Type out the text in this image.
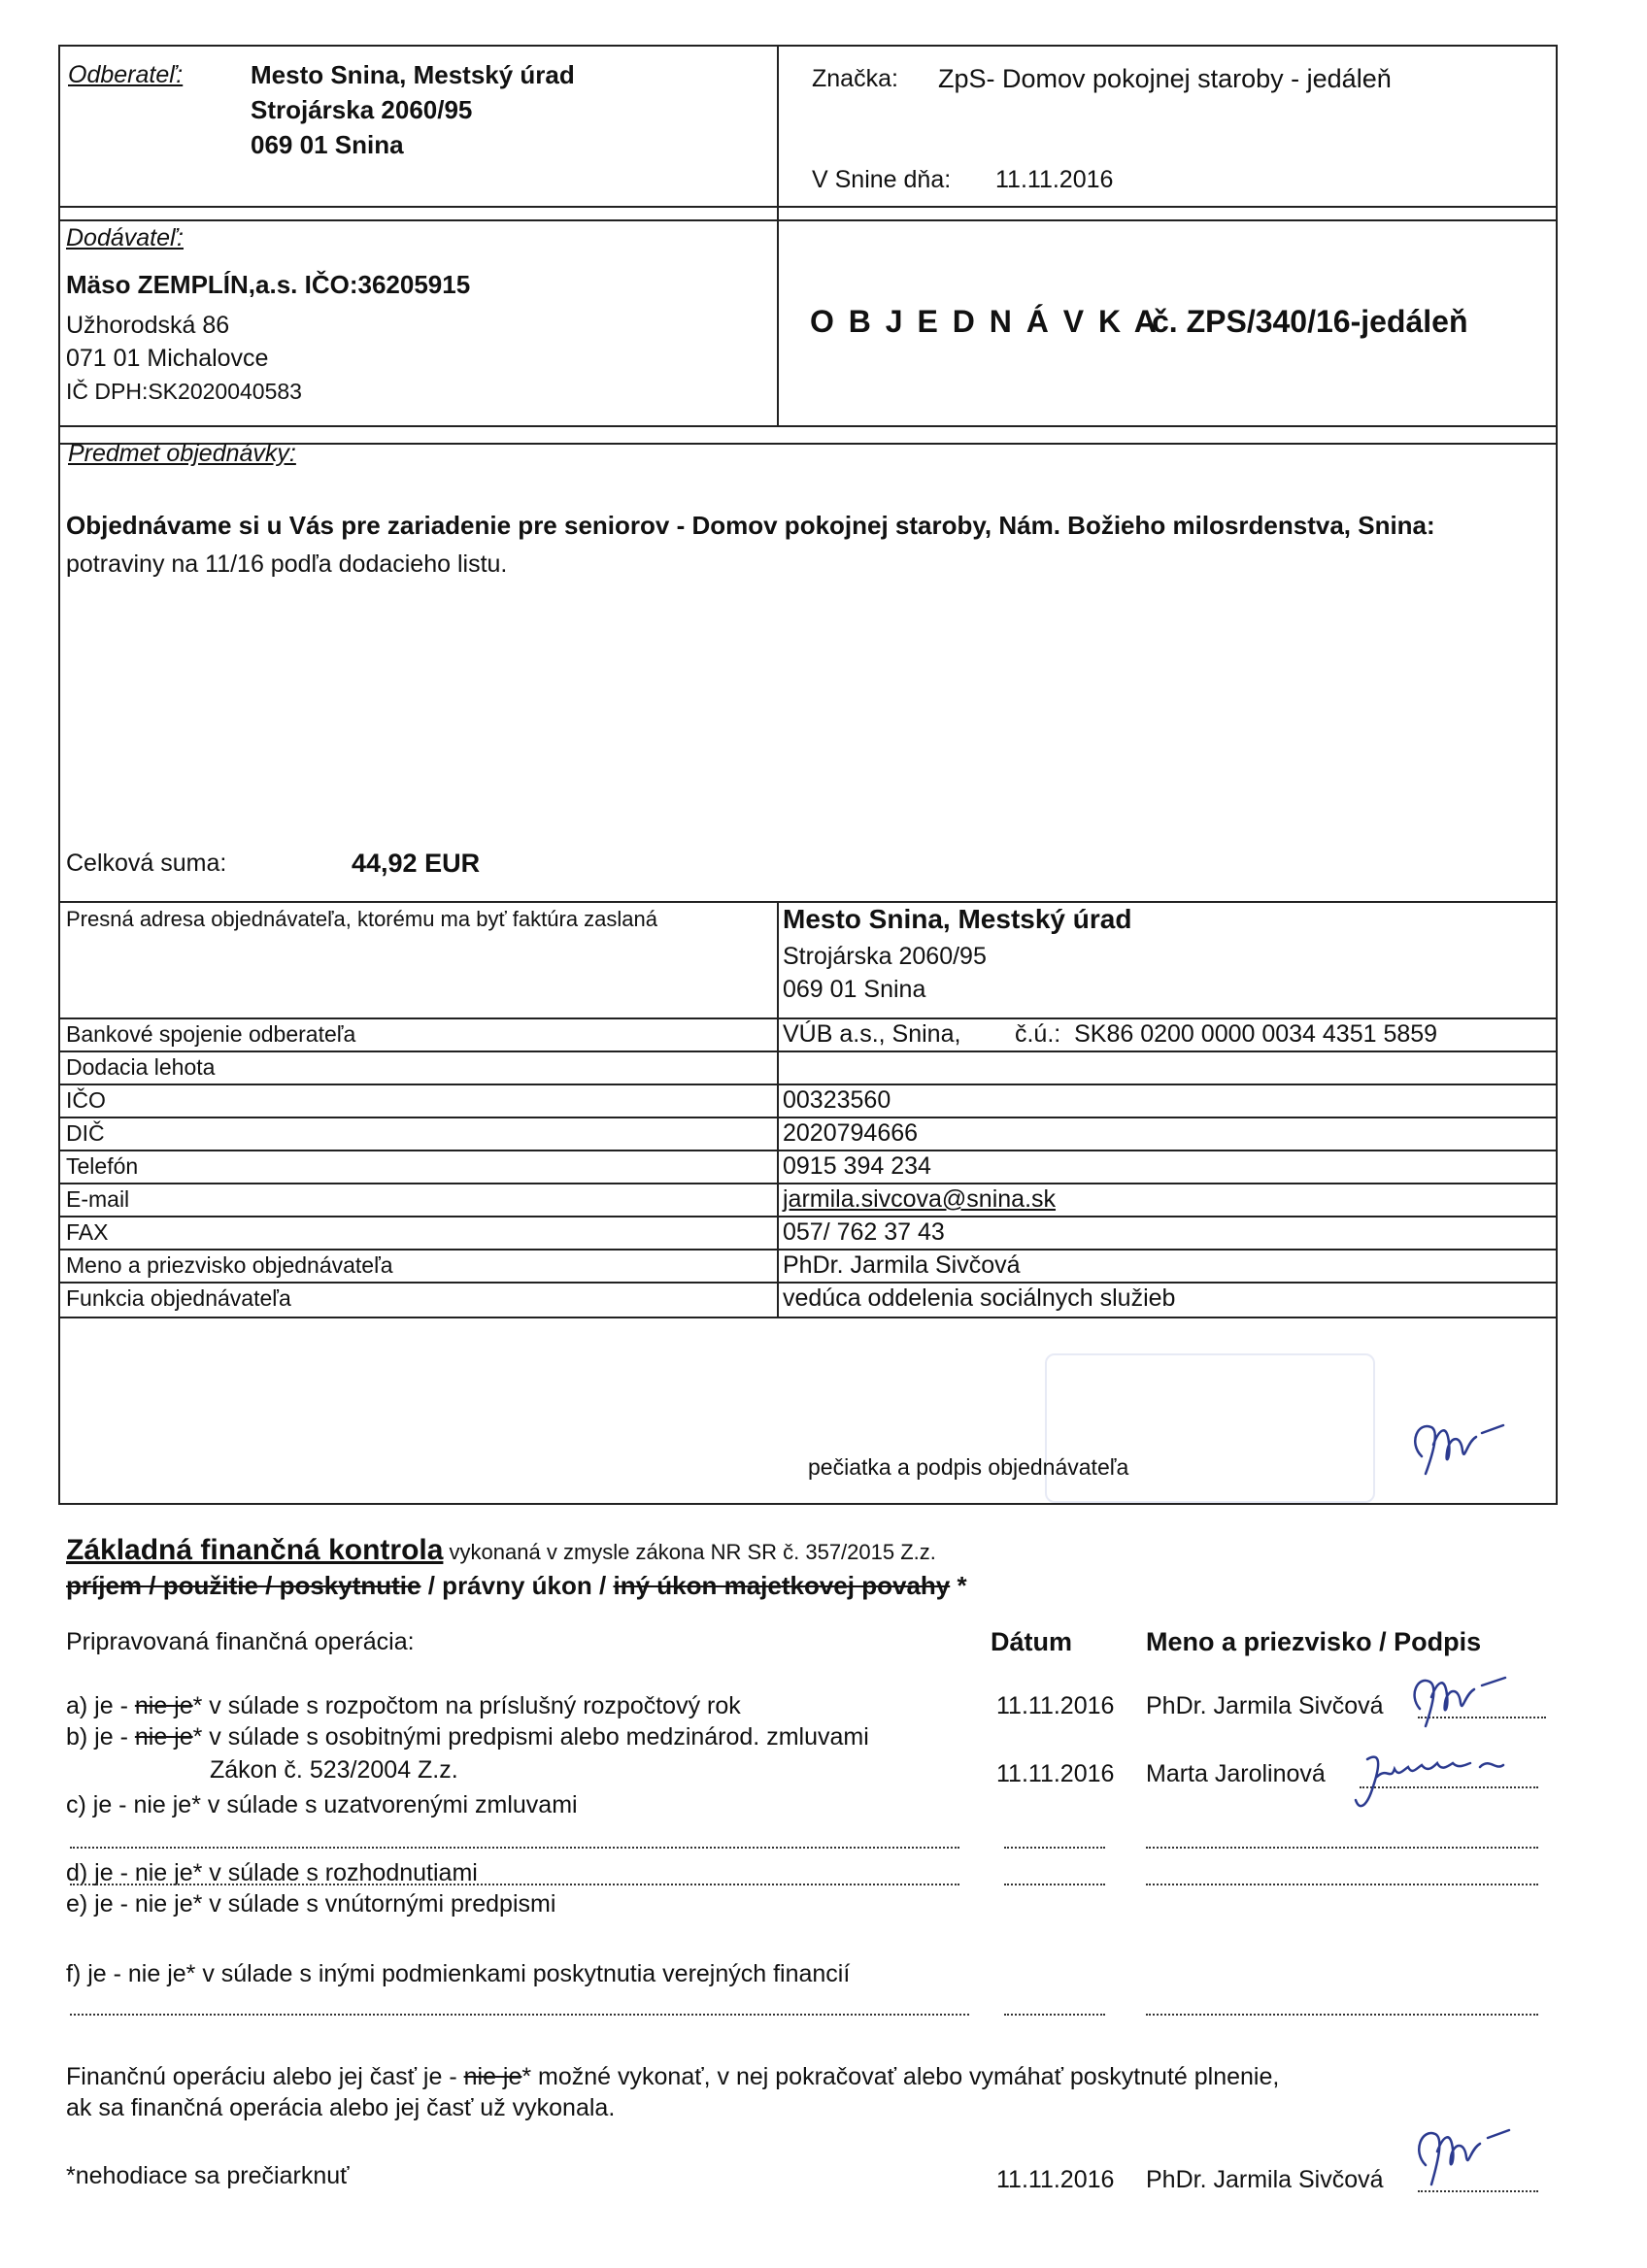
Odberateľ:	Mesto Snina, Mestský úrad
Strojárska 2060/95
069 01 Snina
Značka: ZpS- Domov pokojnej staroby - jedáleň
V Snine dňa: 11.11.2016
Dodávateľ:
Mäso ZEMPLÍN,a.s. IČO:36205915
Užhorodská 86
071 01 Michalovce
IČ DPH:SK2020040583
O B J E D N Á V K A
č. ZPS/340/16-jedáleň
Predmet objednávky:
Objednávame si u Vás pre zariadenie pre seniorov - Domov pokojnej staroby, Nám. Božieho milosrdenstva, Snina:
potraviny na 11/16 podľa dodacieho listu.
Celková suma:	44,92 EUR
Presná adresa objednávateľa, ktorému ma byť faktúra zaslaná	Mesto Snina, Mestský úrad
Strojárska 2060/95
069 01 Snina
Bankové spojenie odberateľa	VÚB a.s., Snina,        č.ú.:  SK86 0200 0000 0034 4351 5859
Dodacia lehota
IČO	00323560
DIČ	2020794666
Telefón	0915 394 234
E-mail	jarmila.sivcova@snina.sk
FAX	057/ 762 37 43
Meno a priezvisko objednávateľa	PhDr. Jarmila Sivčová
Funkcia objednávateľa	vedúca oddelenia sociálnych služieb
pečiatka a podpis objednávateľa
Základná finančná kontrola vykonaná v zmysle zákona NR SR č. 357/2015 Z.z.
príjem / použitie / poskytnutie / právny úkon / iný úkon majetkovej povahy *
Pripravovaná finančná operácia:	Dátum	Meno a priezvisko / Podpis
a) je - nie je* v súlade s rozpočtom na príslušný rozpočtový rok	11.11.2016 PhDr. Jarmila Sivčová
b) je - nie je* v súlade s osobitnými predpismi alebo medzinárod. zmluvami
Zákon č. 523/2004 Z.z.	11.11.2016 Marta Jarolinová
c) je - nie je* v súlade s uzatvorenými zmluvami
d) je - nie je* v súlade s rozhodnutiami
e) je - nie je* v súlade s vnútornými predpismi
f) je - nie je* v súlade s inými podmienkami poskytnutia verejných financií
Finančnú operáciu alebo jej časť je - nie je* možné vykonať, v nej pokračovať alebo vymáhať poskytnuté plnenie,
ak sa finančná operácia alebo jej časť už vykonala.
*nehodiace sa prečiarknuť	11.11.2016 PhDr. Jarmila Sivčová
